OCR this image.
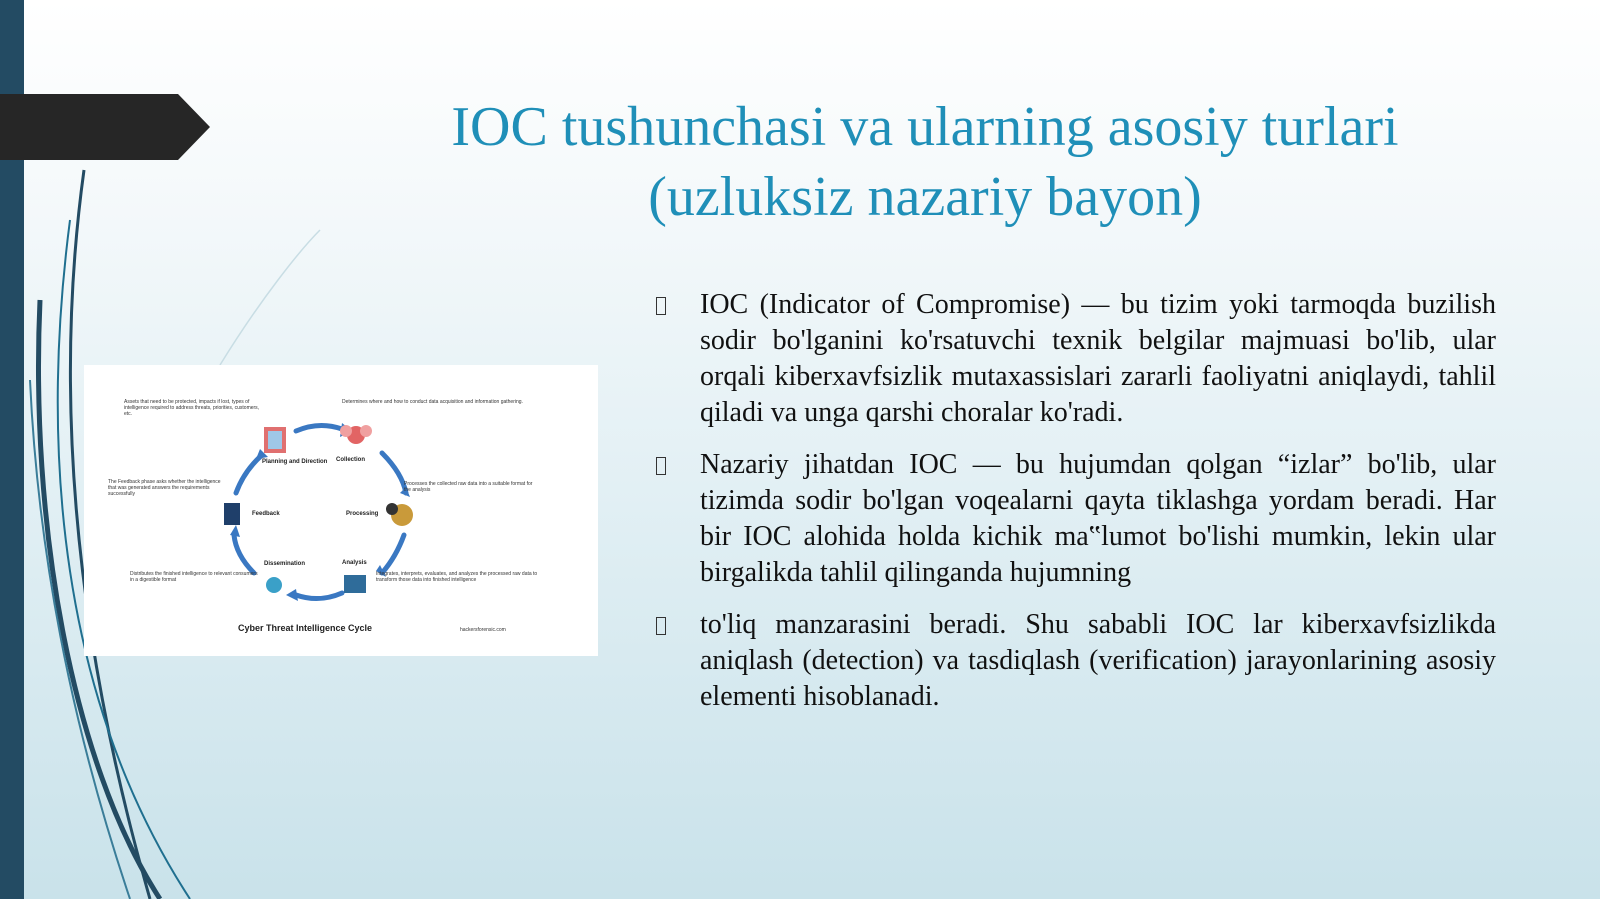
IOC tushunchasi va ularning asosiy turlari (uzluksiz nazariy bayon)
Planning and Direction Collection
Processing
Analysis
Dissemination
Feedback
Assets that need to be protected, impacts if lost, types of intelligence required to address threats, priorities, customers, etc.
Determines where and how to conduct data acquisition and information gathering.
Processes the collected raw data into a suitable format for the analysis
Integrates, interprets, evaluates, and analyzes the processed raw data to transform those data into finished intelligence
Distributes the finished intelligence to relevant consumers in a digestible format
The Feedback phase asks whether the intelligence that was generated answers the requirements successfully
Cyber Threat Intelligence Cycle	hackersforensic.com
IOC (Indicator of Compromise) — bu tizim yoki tarmoqda buzilish sodir bo'lganini ko'rsatuvchi texnik belgilar majmuasi bo'lib, ular orqali kiberxavfsizlik mutaxassislari zararli faoliyatni aniqlaydi, tahlil qiladi va unga qarshi choralar ko'radi.
Nazariy jihatdan IOC — bu hujumdan qolgan “izlar” bo'lib, ular tizimda sodir bo'lgan voqealarni qayta tiklashga yordam beradi. Har bir IOC alohida holda kichik ma‟lumot bo'lishi mumkin, lekin ular birgalikda tahlil qilinganda hujumning
to'liq manzarasini beradi. Shu sababli IOC lar kiberxavfsizlikda aniqlash (detection) va tasdiqlash (verification) jarayonlarining asosiy elementi hisoblanadi.
